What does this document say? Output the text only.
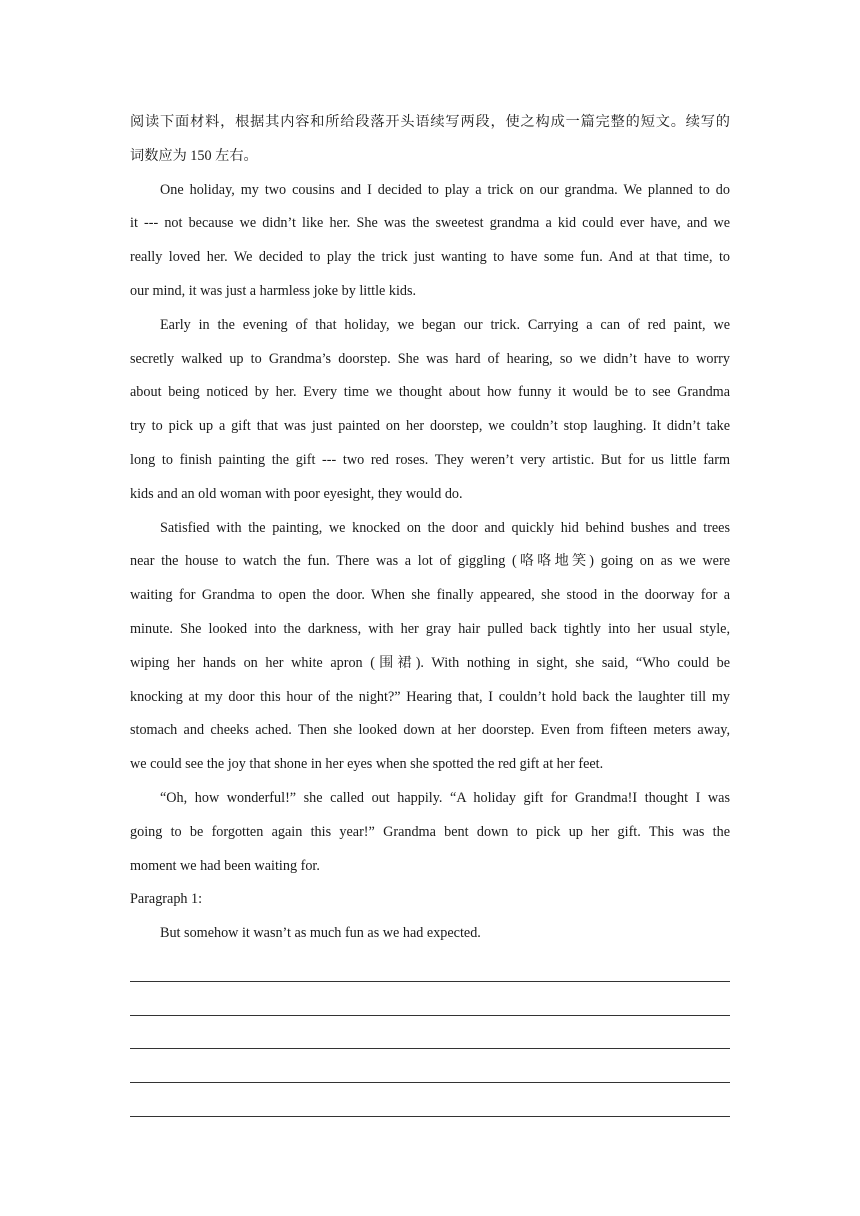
阅读下面材料，根据其内容和所给段落开头语续写两段，使之构成一篇完整的短文。续写的
词数应为 150 左右。
One holiday, my two cousins and I decided to play a trick on our grandma. We planned to do
it --- not because we didn’t like her. She was the sweetest grandma a kid could ever have, and we
really loved her. We decided to play the trick just wanting to have some fun. And at that time, to
our mind, it was just a harmless joke by little kids.
Early in the evening of that holiday, we began our trick. Carrying a can of red paint, we
secretly walked up to Grandma’s doorstep. She was hard of hearing, so we didn’t have to worry
about being noticed by her. Every time we thought about how funny it would be to see Grandma
try to pick up a gift that was just painted on her doorstep, we couldn’t stop laughing. It didn’t take
long to finish painting the gift --- two red roses. They weren’t very artistic. But for us little farm
kids and an old woman with poor eyesight, they would do.
Satisfied with the painting, we knocked on the door and quickly hid behind bushes and trees
near the house to watch the fun. There was a lot of giggling (咯咯地笑) going on as we were
waiting for Grandma to open the door. When she finally appeared, she stood in the doorway for a
minute. She looked into the darkness, with her gray hair pulled back tightly into her usual style,
wiping her hands on her white apron (围裙). With nothing in sight, she said, “Who could be
knocking at my door this hour of the night?” Hearing that, I couldn’t hold back the laughter till my
stomach and cheeks ached. Then she looked down at her doorstep. Even from fifteen meters away,
we could see the joy that shone in her eyes when she spotted the red gift at her feet.
“Oh, how wonderful!” she called out happily. “A holiday gift for Grandma!I thought I was
going to be forgotten again this year!” Grandma bent down to pick up her gift. This was the
moment we had been waiting for.
Paragraph 1:
But somehow it wasn’t as much fun as we had expected.
